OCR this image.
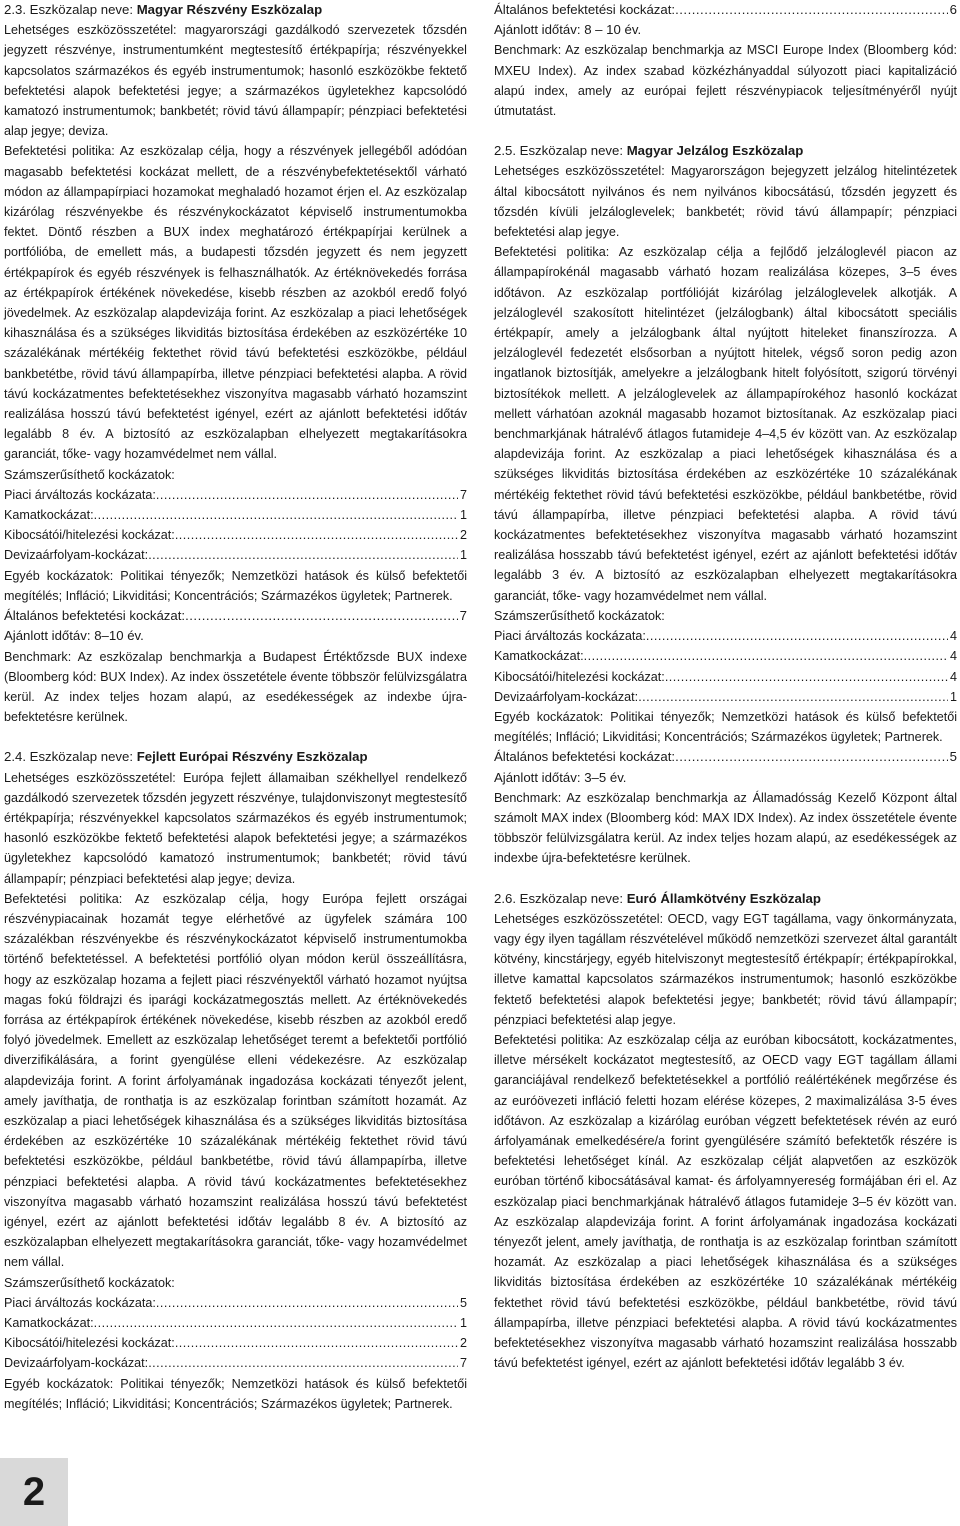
2.3. Eszközalap neve: Magyar Részvény Eszközalap

Lehetséges eszközösszetétel: magyarországi gazdálkodó szervezetek tőzsdén jegyzett részvénye, instrumentumként megtestesítő értékpapírja; részvényekkel kapcsolatos származékos és egyéb instrumentumok; hasonló eszközökbe fektető befektetési alapok befektetési jegye; a származékos ügyletekhez kapcsolódó kamatozó instrumentumok; bankbetét; rövid távú állampapír; pénzpiaci befektetési alap jegye; deviza.

Befektetési politika: Az eszközalap célja, hogy a részvények jellegéből adódóan magasabb befektetési kockázat mellett, de a részvénybefektetésektől várható módon az állampapírpiaci hozamokat meghaladó hozamot érjen el. Az eszközalap kizárólag részvényekbe és részvénykockázatot képviselő instrumentumokba fektet. Döntő részben a BUX index meghatározó értékpapírjai kerülnek a portfólióba, de emellett más, a budapesti tőzsdén jegyzett és nem jegyzett értékpapírok és egyéb részvények is felhasználhatók. Az értéknövekedés forrása az értékpapírok értékének növekedése, kisebb részben az azokból eredő folyó jövedelmek. Az eszközalap alapdevizája forint. Az eszközalap a piaci lehetőségek kihasználása és a szükséges likviditás biztosítása érdekében az eszközértéke 10 százalékának mértékéig fektethet rövid távú befektetési eszközökbe, például bankbetétbe, rövid távú állampapírba, illetve pénzpiaci befektetési alapba. A rövid távú kockázatmentes befektetésekhez viszonyítva magasabb várható hozamszint realizálása hosszú távú befektetést igényel, ezért az ajánlott befektetési időtáv legalább 8 év. A biztosító az eszközalapban elhelyezett megtakarításokra garanciát, tőke- vagy hozamvédelmet nem vállal.

Számszerűsíthető kockázatok:

Piaci árváltozás kockázata: .....	7

Kamatkockázat: .....	1

Kibocsátói/hitelezési kockázat: .....	2

Devizaárfolyam-kockázat: .....	1

Egyéb kockázatok: Politikai tényezők; Nemzetközi hatások és külső befektetői megítélés; Infláció; Likviditási; Koncentrációs; Származékos ügyletek; Partnerek.

Általános befektetési kockázat: .....	7

Ajánlott időtáv: 8–10 év.

Benchmark: Az eszközalap benchmarkja a Budapest Értéktőzsde BUX indexe (Bloomberg kód: BUX Index). Az index összetétele évente többször felülvizsgálatra kerül. Az index teljes hozam alapú, az esedékességek az indexbe újra-befektetésre kerülnek.

2.4. Eszközalap neve: Fejlett Európai Részvény Eszközalap

Lehetséges eszközösszetétel: Európa fejlett államaiban székhellyel rendelkező gazdálkodó szervezetek tőzsdén jegyzett részvénye, tulajdonviszonyt megtestesítő értékpapírja; részvényekkel kapcsolatos származékos és egyéb instrumentumok; hasonló eszközökbe fektető befektetési alapok befektetési jegye; a származékos ügyletekhez kapcsolódó kamatozó instrumentumok; bankbetét; rövid távú állampapír; pénzpiaci befektetési alap jegye; deviza.

Befektetési politika: Az eszközalap célja, hogy Európa fejlett országai részvénypiacainak hozamát tegye elérhetővé az ügyfelek számára 100 százalékban részvényekbe és részvénykockázatot képviselő instrumentumokba történő befektetéssel. A befektetési portfólió olyan módon kerül összeállításra, hogy az eszközalap hozama a fejlett piaci részvényektől várható hozamot nyújtsa magas fokú földrajzi és iparági kockázatmegosztás mellett. Az értéknövekedés forrása az értékpapírok értékének növekedése, kisebb részben az azokból eredő folyó jövedelmek. Emellett az eszközalap lehetőséget teremt a befektetői portfólió diverzifikálására, a forint gyengülése elleni védekezésre. Az eszközalap alapdevizája forint. A forint árfolyamának ingadozása kockázati tényezőt jelent, amely javíthatja, de ronthatja is az eszközalap forintban számított hozamát. Az eszközalap a piaci lehetőségek kihasználása és a szükséges likviditás biztosítása érdekében az eszközértéke 10 százalékának mértékéig fektethet rövid távú befektetési eszközökbe, például bankbetétbe, rövid távú állampapírba, illetve pénzpiaci befektetési alapba. A rövid távú kockázatmentes befektetésekhez viszonyítva magasabb várható hozamszint realizálása hosszú távú befektetést igényel, ezért az ajánlott befektetési időtáv legalább 8 év. A biztosító az eszközalapban elhelyezett megtakarításokra garanciát, tőke- vagy hozamvédelmet nem vállal.

Számszerűsíthető kockázatok:

Piaci árváltozás kockázata: .....	5

Kamatkockázat: .....	1

Kibocsátói/hitelezési kockázat: .....	2

Devizaárfolyam-kockázat: .....	7

Egyéb kockázatok: Politikai tényezők; Nemzetközi hatások és külső befektetői megítélés; Infláció; Likviditási; Koncentrációs; Származékos ügyletek; Partnerek.

Általános befektetési kockázat: .....	6

Ajánlott időtáv: 8 – 10 év.

Benchmark: Az eszközalap benchmarkja az MSCI Europe Index (Bloomberg kód: MXEU Index). Az index szabad közkézhányaddal súlyozott piaci kapitalizáció alapú index, amely az európai fejlett részvénypiacok teljesítményéről nyújt útmutatást.

2.5. Eszközalap neve: Magyar Jelzálog Eszközalap

Lehetséges eszközösszetétel: Magyarországon bejegyzett jelzálog hitelintézetek által kibocsátott nyilvános és nem nyilvános kibocsátású, tőzsdén jegyzett és tőzsdén kívüli jelzáloglevelek; bankbetét; rövid távú állampapír; pénzpiaci befektetési alap jegye.

Befektetési politika: Az eszközalap célja a fejlődő jelzáloglevél piacon az állampapírokénál magasabb várható hozam realizálása közepes, 3–5 éves időtávon. Az eszközalap portfólióját kizárólag jelzáloglevelek alkotják. A jelzáloglevél szakosított hitelintézet (jelzálogbank) által kibocsátott speciális értékpapír, amely a jelzálogbank által nyújtott hiteleket finanszírozza. A jelzáloglevél fedezetét elsősorban a nyújtott hitelek, végső soron pedig azon ingatlanok biztosítják, amelyekre a jelzálogbank hitelt folyósított, szigorú törvényi biztosítékok mellett. A jelzáloglevelek az állampapírokéhoz hasonló kockázat mellett várhatóan azoknál magasabb hozamot biztosítanak. Az eszközalap piaci benchmarkjának hátralévő átlagos futamideje 4–4,5 év között van. Az eszközalap alapdevizája forint. Az eszközalap a piaci lehetőségek kihasználása és a szükséges likviditás biztosítása érdekében az eszközértéke 10 százalékának mértékéig fektethet rövid távú befektetési eszközökbe, például bankbetétbe, rövid távú állampapírba, illetve pénzpiaci befektetési alapba. A rövid távú kockázatmentes befektetésekhez viszonyítva magasabb várható hozamszint realizálása hosszabb távú befektetést igényel, ezért az ajánlott befektetési időtáv legalább 3 év. A biztosító az eszközalapban elhelyezett megtakarításokra garanciát, tőke- vagy hozamvédelmet nem vállal.

Számszerűsíthető kockázatok:

Piaci árváltozás kockázata: .....	4

Kamatkockázat: .....	4

Kibocsátói/hitelezési kockázat: .....	4

Devizaárfolyam-kockázat: .....	1

Egyéb kockázatok: Politikai tényezők; Nemzetközi hatások és külső befektetői megítélés; Infláció; Likviditási; Koncentrációs; Származékos ügyletek; Partnerek.

Általános befektetési kockázat: .....	5

Ajánlott időtáv: 3–5 év.

Benchmark: Az eszközalap benchmarkja az Államadósság Kezelő Központ által számolt MAX index (Bloomberg kód: MAX IDX Index). Az index összetétele évente többször felülvizsgálatra kerül. Az index teljes hozam alapú, az esedékességek az indexbe újra-befektetésre kerülnek.

2.6. Eszközalap neve: Euró Államkötvény Eszközalap

Lehetséges eszközösszetétel: OECD, vagy EGT tagállama, vagy önkormányzata, vagy égy ilyen tagállam részvételével működő nemzetközi szervezet által garantált kötvény, kincstárjegy, egyéb hitelviszonyt megtestesítő értékpapír; értékpapírokkal, illetve kamattal kapcsolatos származékos instrumentumok; hasonló eszközökbe fektető befektetési alapok befektetési jegye; bankbetét; rövid távú állampapír; pénzpiaci befektetési alap jegye.

Befektetési politika: Az eszközalap célja az euróban kibocsátott, kockázatmentes, illetve mérsékelt kockázatot megtestesítő, az OECD vagy EGT tagállam állami garanciájával rendelkező befektetésekkel a portfólió reálértékének megőrzése és az euróövezeti infláció feletti hozam elérése közepes, 2 maximalizálása 3-5 éves időtávon. Az eszközalap a kizárólag euróban végzett befektetések révén az euró árfolyamának emelkedésére/a forint gyengülésére számító befektetők részére is befektetési lehetőséget kínál. Az eszközalap célját alapvetően az eszközök euróban történő kibocsátásával kamat- és árfolyamnyereség formájában éri el. Az eszközalap piaci benchmarkjának hátralévő átlagos futamideje 3–5 év között van. Az eszközalap alapdevizája forint. A forint árfolyamának ingadozása kockázati tényezőt jelent, amely javíthatja, de ronthatja is az eszközalap forintban számított hozamát. Az eszközalap a piaci lehetőségek kihasználása és a szükséges likviditás biztosítása érdekében az eszközértéke 10 százalékának mértékéig fektethet rövid távú befektetési eszközökbe, például bankbetétbe, rövid távú állampapírba, illetve pénzpiaci befektetési alapba. A rövid távú kockázatmentes befektetésekhez viszonyítva magasabb várható hozamszint realizálása hosszabb távú befektetést igényel, ezért az ajánlott befektetési időtáv legalább 3 év.

2
